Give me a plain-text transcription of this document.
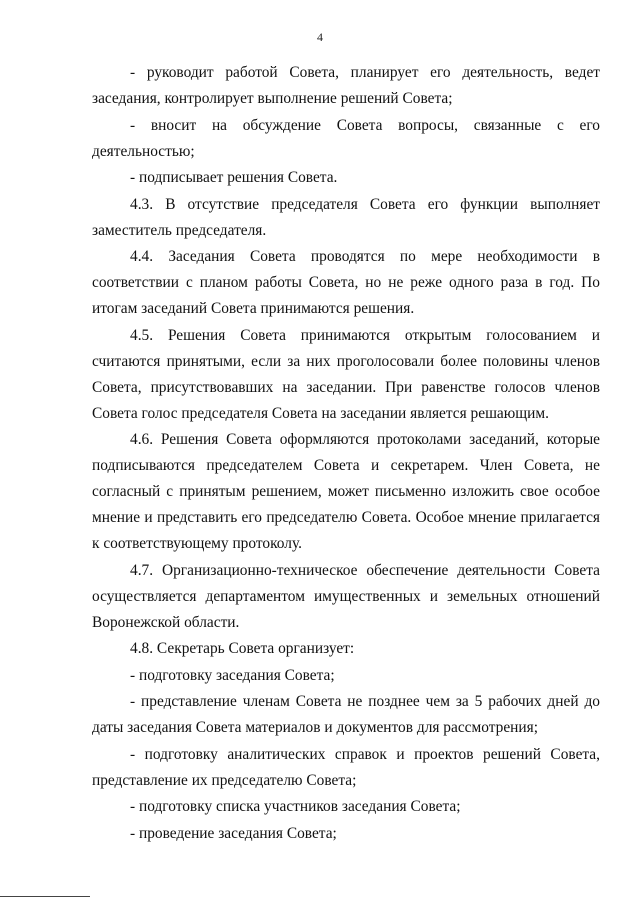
4

- руководит работой Совета, планирует его деятельность, ведет заседания, контролирует выполнение решений Совета;

- вносит на обсуждение Совета вопросы, связанные с его деятельностью;

- подписывает решения Совета.

4.3. В отсутствие председателя Совета его функции выполняет заместитель председателя.

4.4. Заседания Совета проводятся по мере необходимости в соответствии с планом работы Совета, но не реже одного раза в год. По итогам заседаний Совета принимаются решения.

4.5. Решения Совета принимаются открытым голосованием и считаются принятыми, если за них проголосовали более половины членов Совета, присутствовавших на заседании. При равенстве голосов членов Совета голос председателя Совета на заседании является решающим.

4.6. Решения Совета оформляются протоколами заседаний, которые подписываются председателем Совета и секретарем. Член Совета, не согласный с принятым решением, может письменно изложить свое особое мнение и представить его председателю Совета. Особое мнение прилагается к соответствующему протоколу.

4.7. Организационно-техническое обеспечение деятельности Совета осуществляется департаментом имущественных и земельных отношений Воронежской области.

4.8. Секретарь Совета организует:

- подготовку заседания Совета;

- представление членам Совета не позднее чем за 5 рабочих дней до даты заседания Совета материалов и документов для рассмотрения;

- подготовку аналитических справок и проектов решений Совета, представление их председателю Совета;

- подготовку списка участников заседания Совета;

- проведение заседания Совета;
